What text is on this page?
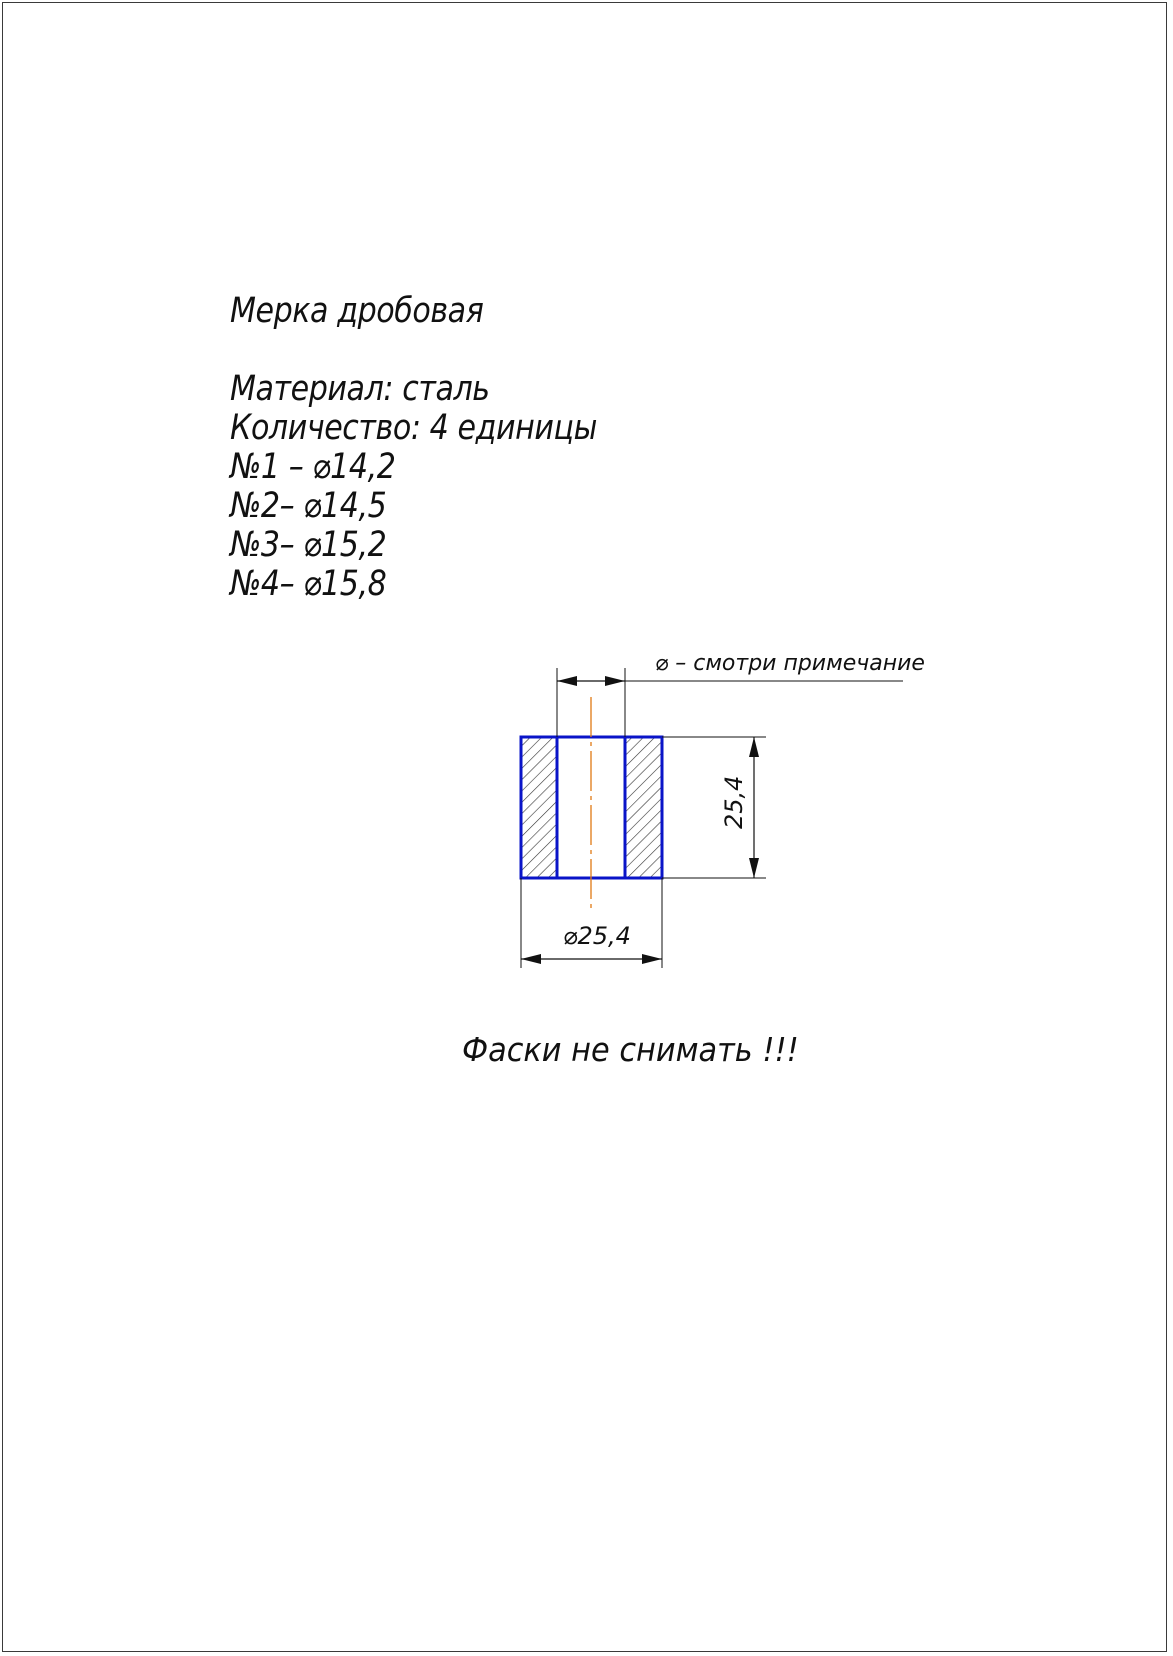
Мерка дробовая
Материал: сталь
Количество: 4 единицы
№1 – ⌀14,2
№2– ⌀14,5
№3– ⌀15,2
№4– ⌀15,8
⌀ – смотри примечание
25,4
⌀25,4
Фаски не снимать !!!
